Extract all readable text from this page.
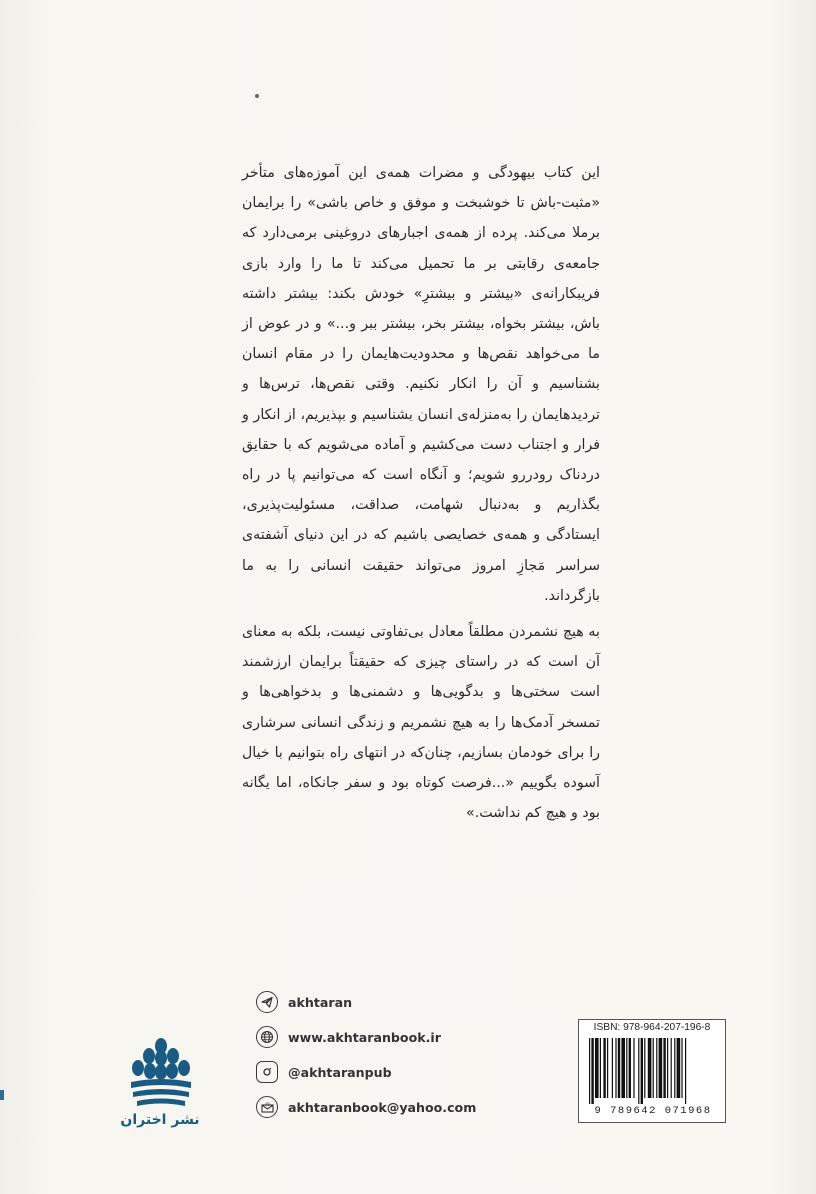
این کتاب بیهودگی و مضرات همه‌ی این آموزه‌های متأخر «مثبت-باش تا خوشبخت و موفق و خاص باشی» را برایمان برملا می‌کند. پرده از همه‌ی اجبارهای دروغینی برمی‌دارد که جامعه‌ی رقابتی بر ما تحمیل می‌کند تا ما را وارد بازی فریبکارانه‌ی «بیشتر و بیشترِ» خودش بکند: بیشتر داشته باش، بیشتر بخواه، بیشتر بخر، بیشتر ببر و...» و در عوض از ما می‌خواهد نقص‌ها و محدودیت‌هایمان را در مقام انسان بشناسیم و آن را انکار نکنیم. وقتی نقص‌ها، ترس‌ها و تردیدهایمان را به‌منزله‌ی انسان بشناسیم و بپذیریم، از انکار و فرار و اجتناب دست می‌کشیم و آماده می‌شویم که با حقایق دردناک رودررو شویم؛ و آنگاه است که می‌توانیم پا در راه بگذاریم و به‌دنبال شهامت، صداقت، مسئولیت‌پذیری، ایستادگی و همه‌ی خصایصی باشیم که در این دنیای آشفته‌ی سراسر مَجازِ امروز می‌تواند حقیقت انسانی را به ما بازگرداند.

به هیچ نشمردن مطلقاً معادل بی‌تفاوتی نیست، بلکه به معنای آن است که در راستای چیزی که حقیقتاً برایمان ارزشمند است سختی‌ها و بدگویی‌ها و دشمنی‌ها و بدخواهی‌ها و تمسخر آدمک‌ها را به هیچ نشمریم و زندگی انسانی سرشاری را برای خودمان بسازیم، چنان‌که در انتهای راه بتوانیم با خیال آسوده بگوییم «...فرصت کوتاه بود و سفر جانکاه، اما یگانه بود و هیچ کم نداشت.»

akhtaran
www.akhtaranbook.ir
@akhtaranpub
@ akhtaranbook@yahoo.com
نشر اختران
ISBN: 978-964-207-196-8
9 789642 071968
